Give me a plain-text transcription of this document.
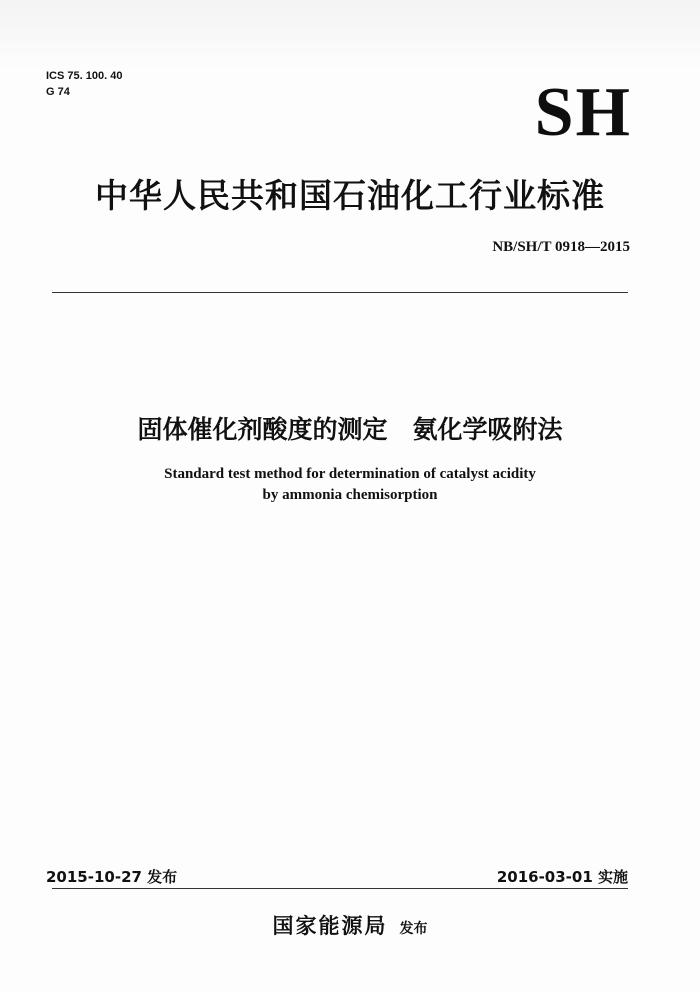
ICS 75. 100. 40
G 74	SH
中华人民共和国石油化工行业标准
NB/SH/T 0918—2015
固体催化剂酸度的测定　氨化学吸附法
Standard test method for determination of catalyst acidity
by ammonia chemisorption
2015-10-27 发布	2016-03-01 实施
国家能源局 发布
